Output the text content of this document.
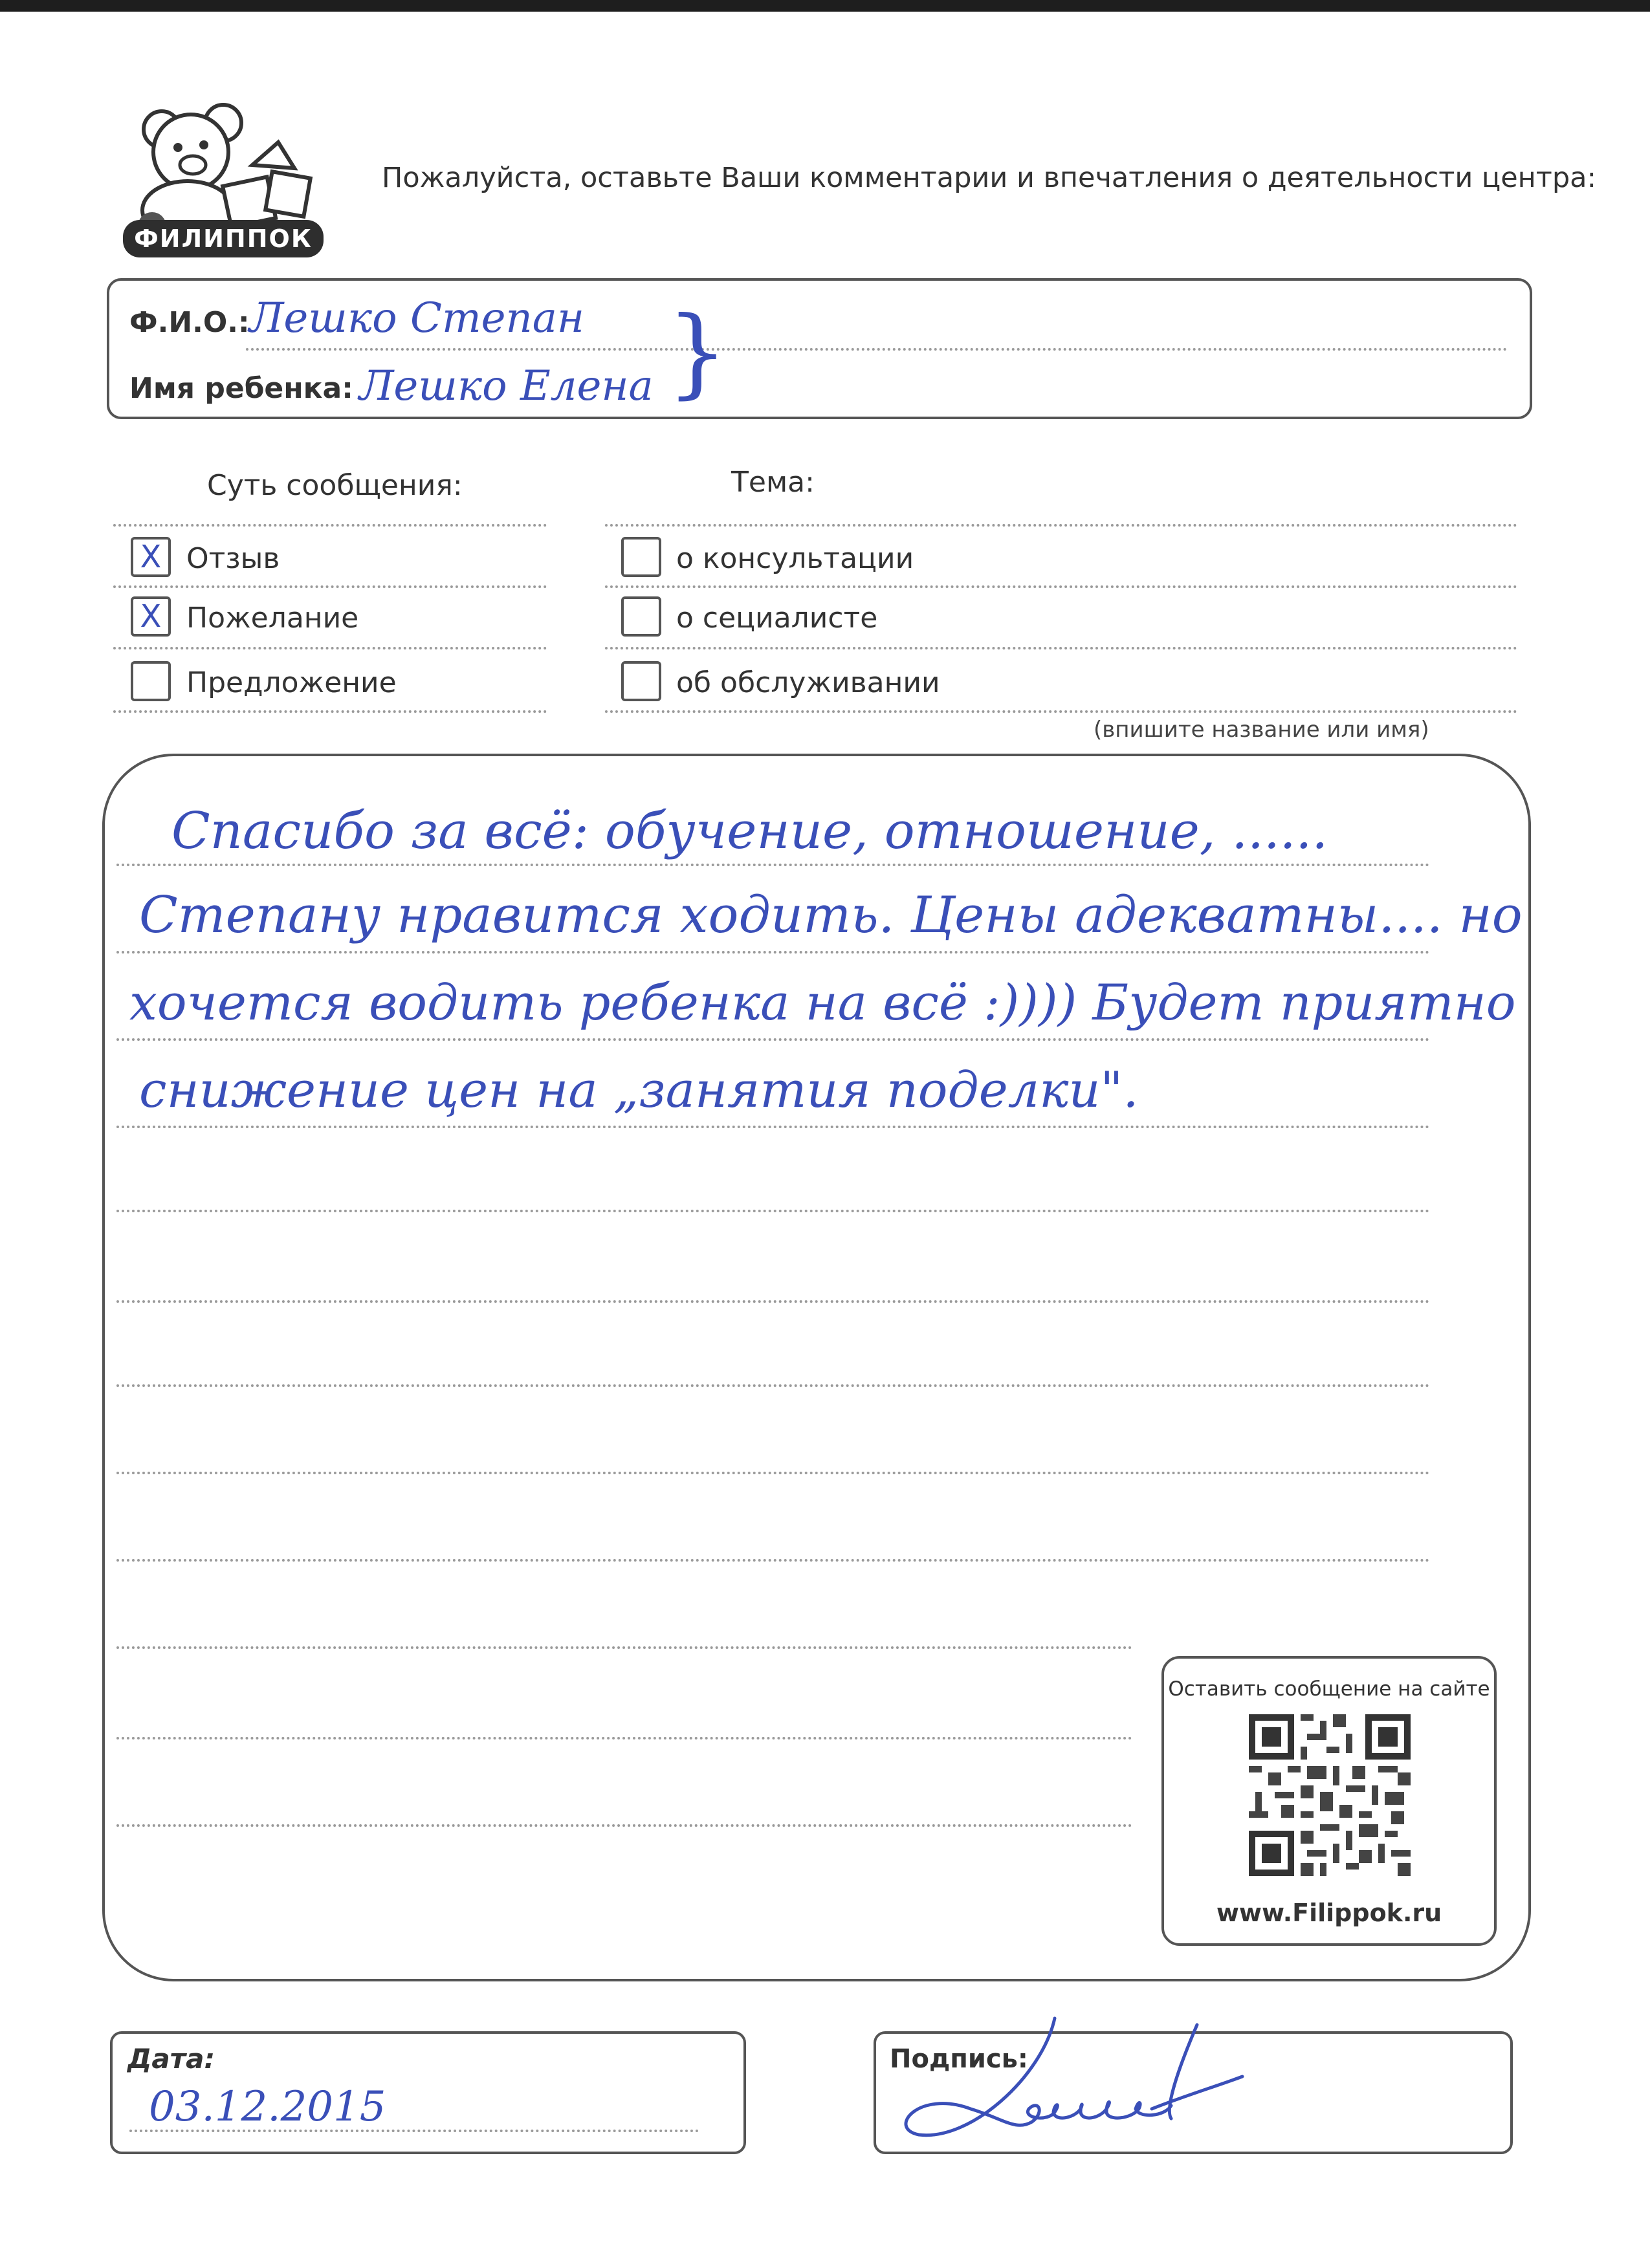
ФИЛИППОК
Пожалуйста, оставьте Ваши комментарии и впечатления о деятельности центра:
Ф.И.О.: Лешко Степан
Имя ребенка: Лешко Елена }
Суть сообщения:	Тема:
X Отзыв	о консультации
X Пожелание	о сециалисте
Предложение	об обслуживании
(впишите название или имя)
Спасибо за всё: обучение, отношение, ......
Степану нравится ходить. Цены адекватны.... но
хочется водить ребенка на всё :)))) Будет приятно
снижение цен на „занятия поделки".
Оставить сообщение на сайте
www.Filippok.ru
Дата:
03.12.2015
Подпись:
